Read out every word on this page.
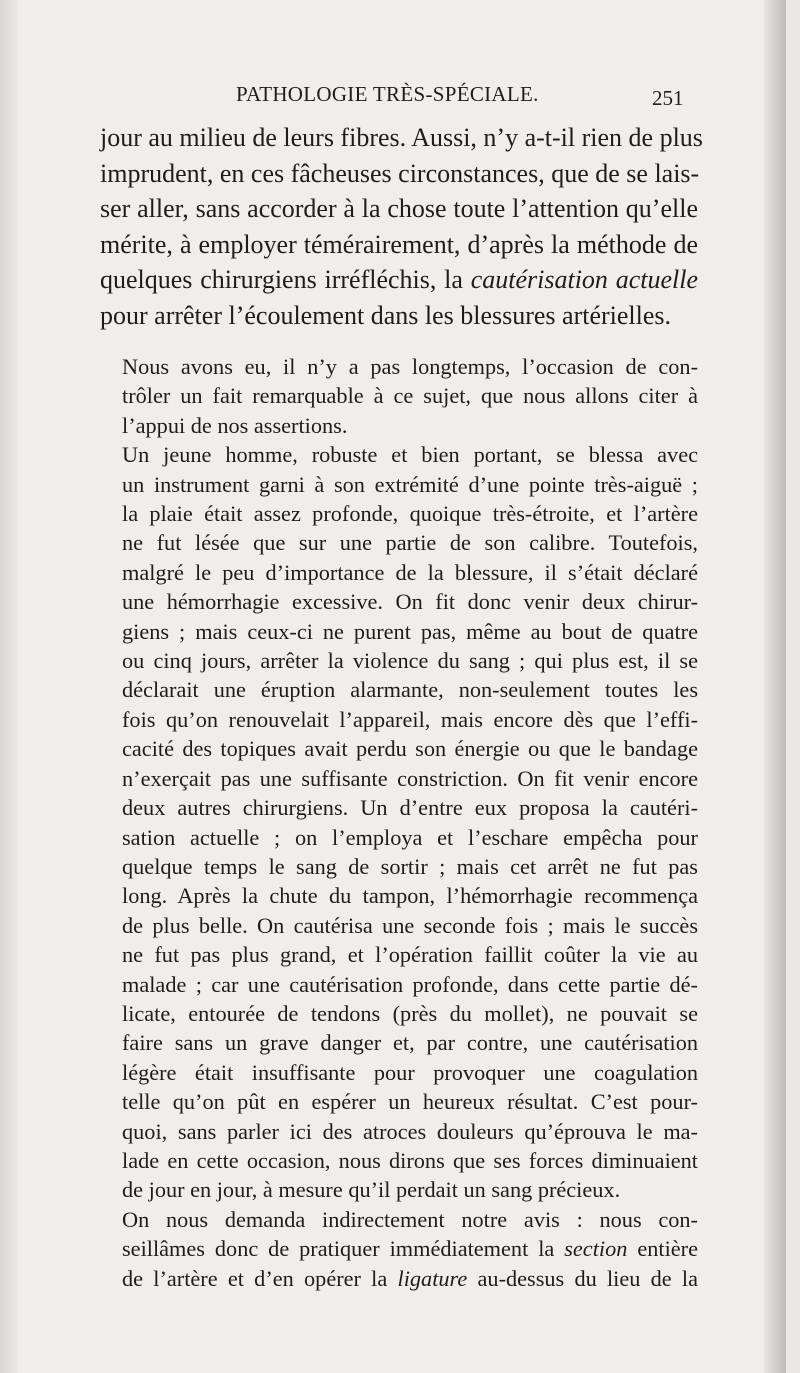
PATHOLOGIE TRÈS-SPÉCIALE.	251
jour au milieu de leurs fibres. Aussi, n’y a-t-il rien de plus
imprudent, en ces fâcheuses circonstances, que de se lais-
ser aller, sans accorder à la chose toute l’attention qu’elle
mérite, à employer témérairement, d’après la méthode de
quelques chirurgiens irréfléchis, la cautérisation actuelle
pour arrêter l’écoulement dans les blessures artérielles.

Nous avons eu, il n’y a pas longtemps, l’occasion de con-
trôler un fait remarquable à ce sujet, que nous allons citer à
l’appui de nos assertions.

Un jeune homme, robuste et bien portant, se blessa avec
un instrument garni à son extrémité d’une pointe très-aiguë ;
la plaie était assez profonde, quoique très-étroite, et l’artère
ne fut lésée que sur une partie de son calibre. Toutefois,
malgré le peu d’importance de la blessure, il s’était déclaré
une hémorrhagie excessive. On fit donc venir deux chirur-
giens ; mais ceux-ci ne purent pas, même au bout de quatre
ou cinq jours, arrêter la violence du sang ; qui plus est, il se
déclarait une éruption alarmante, non-seulement toutes les
fois qu’on renouvelait l’appareil, mais encore dès que l’effi-
cacité des topiques avait perdu son énergie ou que le bandage
n’exerçait pas une suffisante constriction. On fit venir encore
deux autres chirurgiens. Un d’entre eux proposa la cautéri-
sation actuelle ; on l’employa et l’eschare empêcha pour
quelque temps le sang de sortir ; mais cet arrêt ne fut pas
long. Après la chute du tampon, l’hémorrhagie recommença
de plus belle. On cautérisa une seconde fois ; mais le succès
ne fut pas plus grand, et l’opération faillit coûter la vie au
malade ; car une cautérisation profonde, dans cette partie dé-
licate, entourée de tendons (près du mollet), ne pouvait se
faire sans un grave danger et, par contre, une cautérisation
légère était insuffisante pour provoquer une coagulation
telle qu’on pût en espérer un heureux résultat. C’est pour-
quoi, sans parler ici des atroces douleurs qu’éprouva le ma-
lade en cette occasion, nous dirons que ses forces diminuaient
de jour en jour, à mesure qu’il perdait un sang précieux.

On nous demanda indirectement notre avis : nous con-
seillâmes donc de pratiquer immédiatement la section entière
de l’artère et d’en opérer la ligature au-dessus du lieu de la
